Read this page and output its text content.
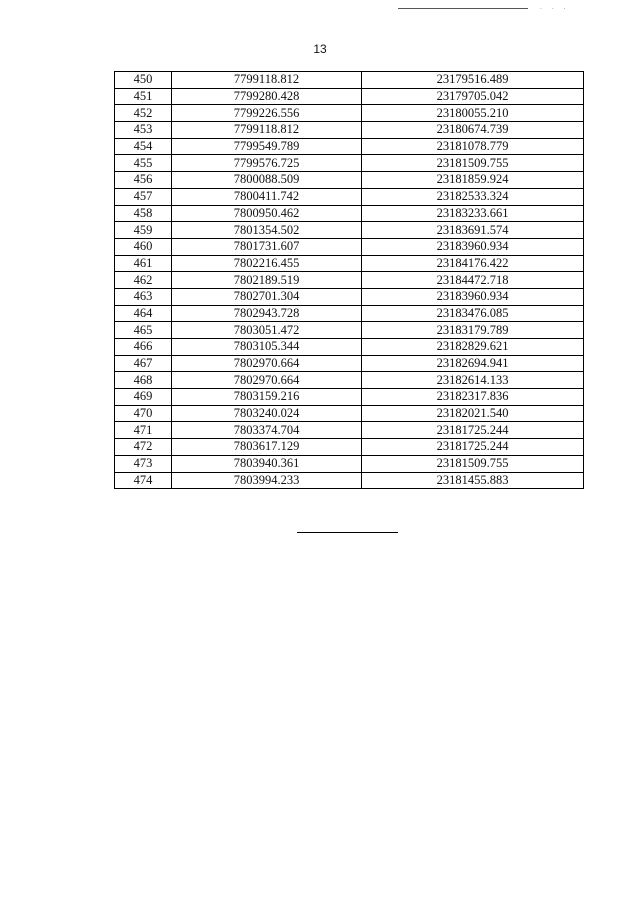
· · ·
13
450	7799118.812	23179516.489
451	7799280.428	23179705.042
452	7799226.556	23180055.210
453	7799118.812	23180674.739
454	7799549.789	23181078.779
455	7799576.725	23181509.755
456	7800088.509	23181859.924
457	7800411.742	23182533.324
458	7800950.462	23183233.661
459	7801354.502	23183691.574
460	7801731.607	23183960.934
461	7802216.455	23184176.422
462	7802189.519	23184472.718
463	7802701.304	23183960.934
464	7802943.728	23183476.085
465	7803051.472	23183179.789
466	7803105.344	23182829.621
467	7802970.664	23182694.941
468	7802970.664	23182614.133
469	7803159.216	23182317.836
470	7803240.024	23182021.540
471	7803374.704	23181725.244
472	7803617.129	23181725.244
473	7803940.361	23181509.755
474	7803994.233	23181455.883
